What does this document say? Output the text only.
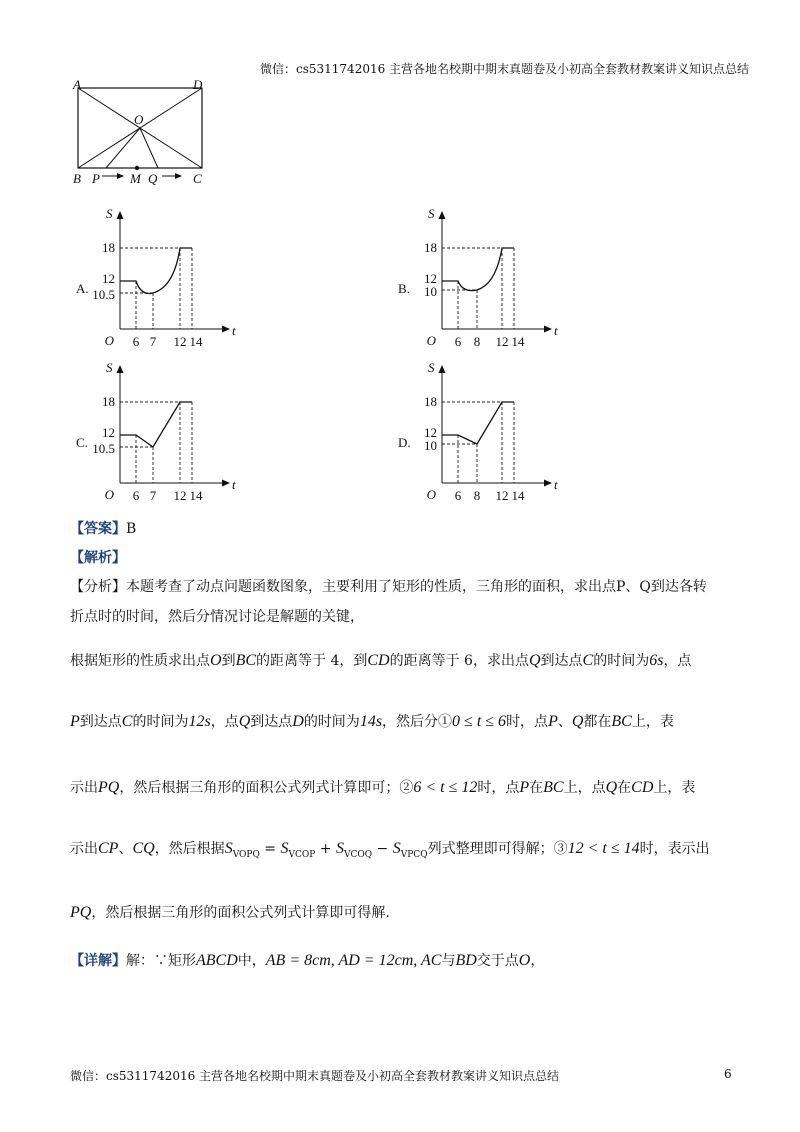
微信：cs5311742016 主营各地名校期中期末真题卷及小初高全套教材教案讲义知识点总结
A	D
O
B P M Q	C
S
t
O
18
12
10.5
6 7 12 14
A.
S
t
O
18
12
10
6 8 12 14
B.
S
t
O
18
12
10.5
6 7 12 14
C.
S
t
O
18
12
10
6 8 12 14
D.
【答案】B
【解析】
【分析】本题考查了动点问题函数图象，主要利用了矩形的性质，三角形的面积，求出点P、Q到达各转
折点时的时间，然后分情况讨论是解题的关键，
根据矩形的性质求出点O到BC的距离等于 4，到CD的距离等于 6，求出点Q到达点C的时间为6s，点
P到达点C的时间为12s，点Q到达点D的时间为14s，然后分①0 ≤ t ≤ 6时，点P、Q都在BC上，表
示出PQ，然后根据三角形的面积公式列式计算即可；②6 < t ≤ 12时，点P在BC上，点Q在CD上，表
示出CP、CQ，然后根据$S_{VOPQ} = S_{VCOP} + S_{VCOQ} - S_{VPCQ}$列式整理即可得解；③12 < t ≤ 14时，表示出
PQ，然后根据三角形的面积公式列式计算即可得解.
【详解】解：∵矩形ABCD中，AB = 8cm, AD = 12cm, AC与BD交于点O，
微信：cs5311742016 主营各地名校期中期末真题卷及小初高全套教材教案讲义知识点总结	6
